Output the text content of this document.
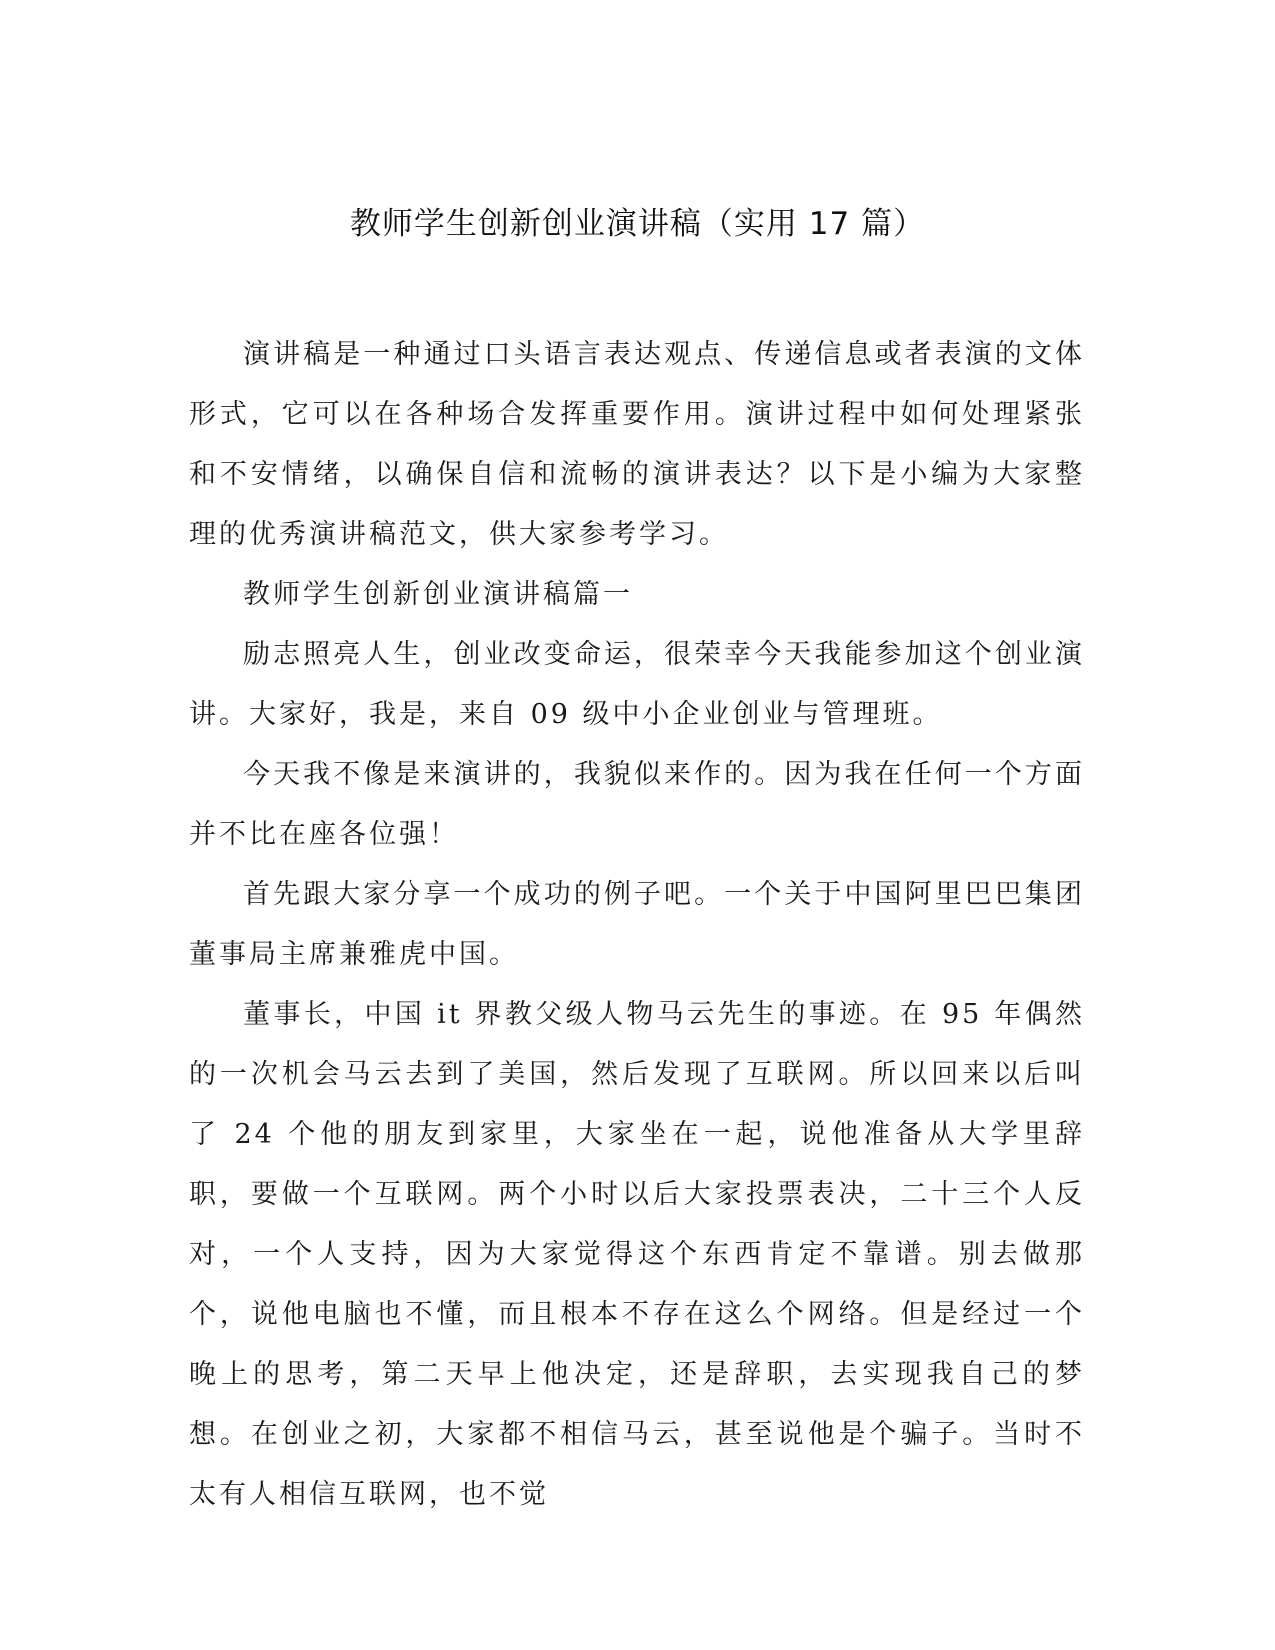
教师学生创新创业演讲稿（实用 17 篇）

演讲稿是一种通过口头语言表达观点、传递信息或者表演的文体形式，它可以在各种场合发挥重要作用。演讲过程中如何处理紧张和不安情绪，以确保自信和流畅的演讲表达？以下是小编为大家整理的优秀演讲稿范文，供大家参考学习。

教师学生创新创业演讲稿篇一

励志照亮人生，创业改变命运，很荣幸今天我能参加这个创业演讲。大家好，我是，来自 09 级中小企业创业与管理班。

今天我不像是来演讲的，我貌似来作的。因为我在任何一个方面并不比在座各位强！

首先跟大家分享一个成功的例子吧。一个关于中国阿里巴巴集团董事局主席兼雅虎中国。

董事长，中国 it 界教父级人物马云先生的事迹。在 95 年偶然的一次机会马云去到了美国，然后发现了互联网。所以回来以后叫了 24 个他的朋友到家里，大家坐在一起，说他准备从大学里辞职，要做一个互联网。两个小时以后大家投票表决，二十三个人反对，一个人支持，因为大家觉得这个东西肯定不靠谱。别去做那个，说他电脑也不懂，而且根本不存在这么个网络。但是经过一个晚上的思考，第二天早上他决定，还是辞职，去实现我自己的梦想。在创业之初，大家都不相信马云，甚至说他是个骗子。当时不太有人相信互联网，也不觉
